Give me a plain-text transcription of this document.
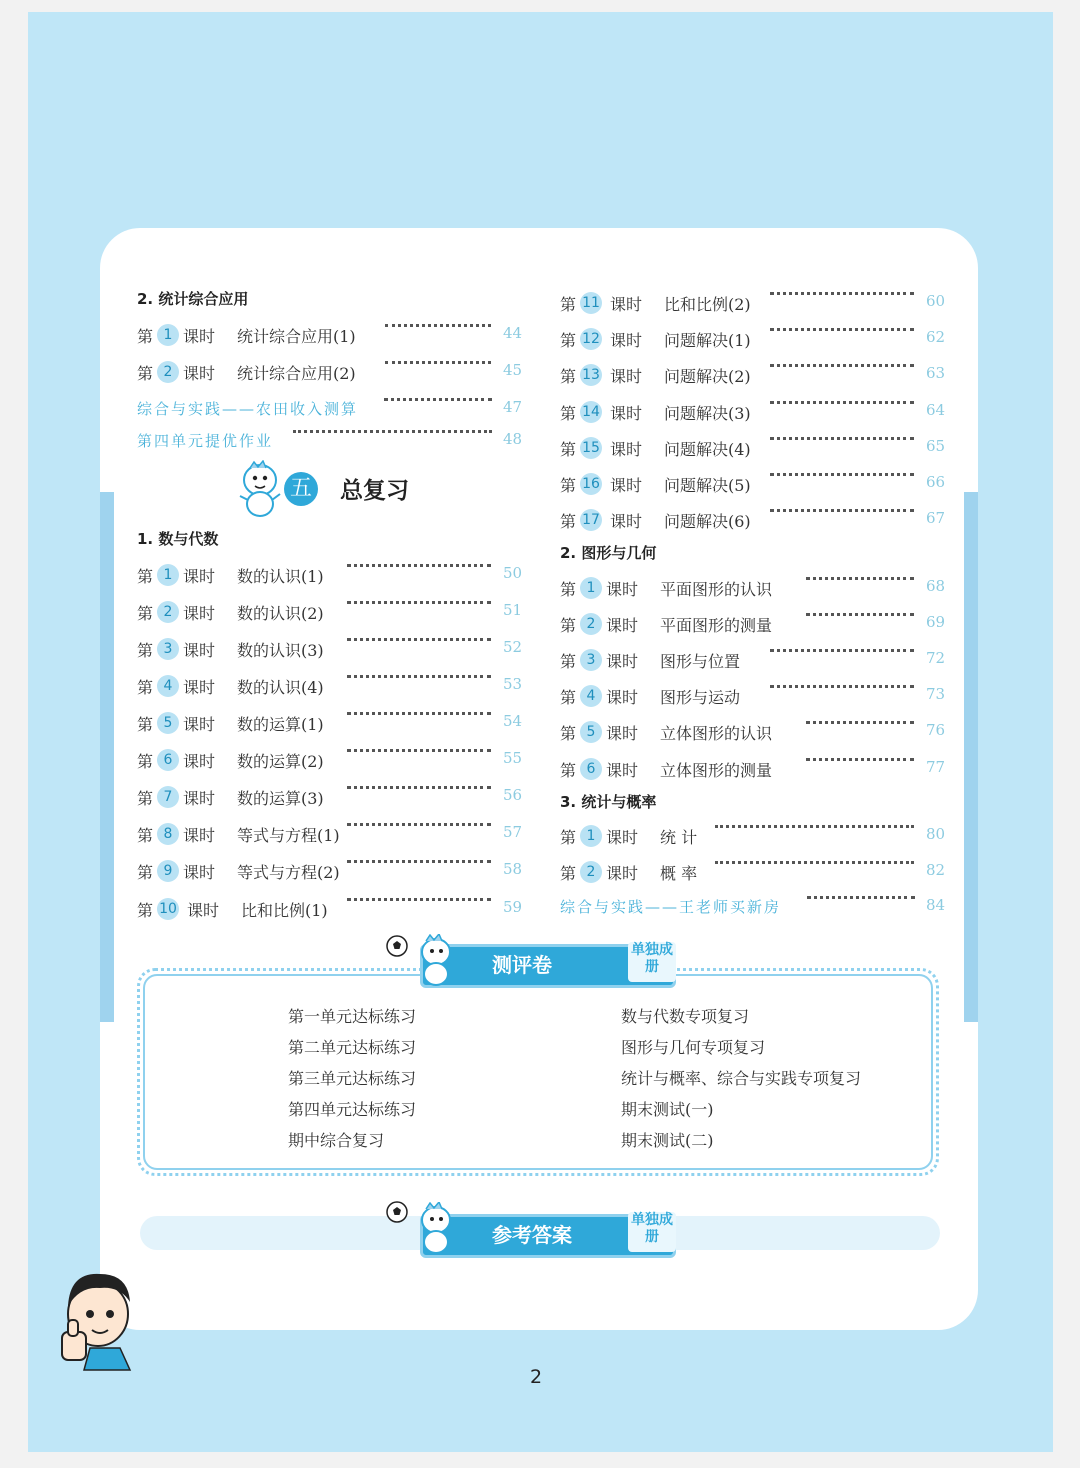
2. 统计综合应用
第 1 课时 统计综合应用(1)	44
第 2 课时 统计综合应用(2)	45
综合与实践——农田收入测算	47
第四单元提优作业	48
五 总复习
1. 数与代数
第 1 课时 数的认识(1)	50
第 2 课时 数的认识(2)	51
第 3 课时 数的认识(3)	52
第 4 课时 数的认识(4)	53
第 5 课时 数的运算(1)	54
第 6 课时 数的运算(2)	55
第 7 课时 数的运算(3)	56
第 8 课时 等式与方程(1)	57
第 9 课时 等式与方程(2)	58
第 10 课时 比和比例(1)	59
第 11 课时 比和比例(2)	60
第 12 课时 问题解决(1)	62
第 13 课时 问题解决(2)	63
第 14 课时 问题解决(3)	64
第 15 课时 问题解决(4)	65
第 16 课时 问题解决(5)	66
第 17 课时 问题解决(6)	67
2. 图形与几何
第 1 课时 平面图形的认识	68
第 2 课时 平面图形的测量	69
第 3 课时 图形与位置	72
第 4 课时 图形与运动	73
第 5 课时 立体图形的认识	76
第 6 课时 立体图形的测量	77
3. 统计与概率
第 1 课时 统 计	80
第 2 课时 概 率	82
综合与实践——王老师买新房	84
测评卷
单独成册
第一单元达标练习
第二单元达标练习
第三单元达标练习
第四单元达标练习
期中综合复习
数与代数专项复习
图形与几何专项复习
统计与概率、综合与实践专项复习
期末测试(一)
期末测试(二)
参考答案
单独成册
2
